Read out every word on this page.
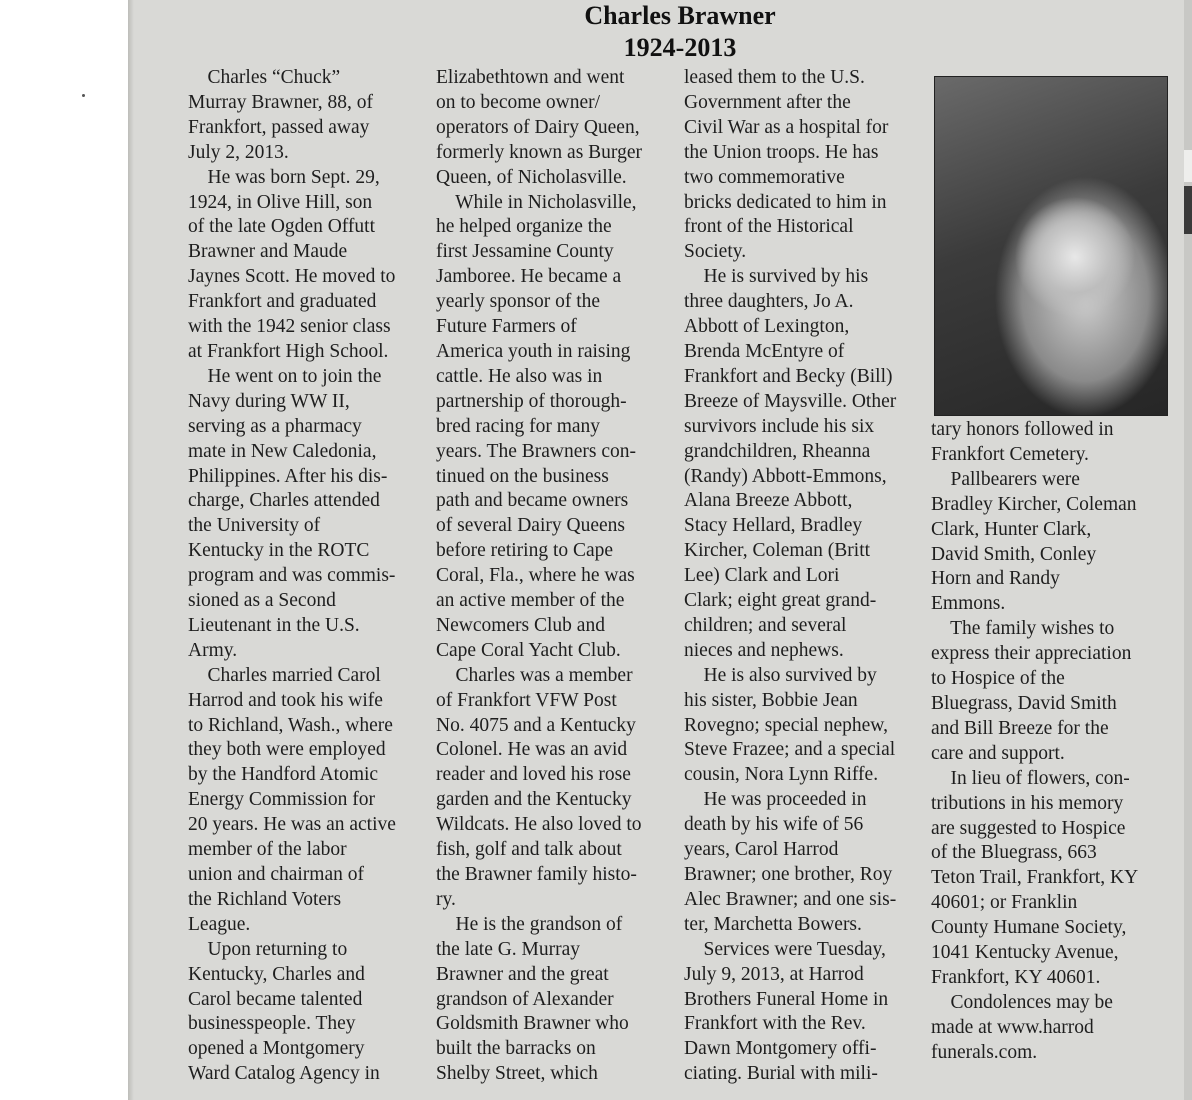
Charles Brawner
1924-2013

Charles “Chuck”

Murray Brawner, 88, of

Frankfort, passed away

July 2, 2013.

He was born Sept. 29,

1924, in Olive Hill, son

of the late Ogden Offutt

Brawner and Maude

Jaynes Scott. He moved to

Frankfort and graduated

with the 1942 senior class

at Frankfort High School.

He went on to join the

Navy during WW II,

serving as a pharmacy

mate in New Caledonia,

Philippines. After his dis-

charge, Charles attended

the University of

Kentucky in the ROTC

program and was commis-

sioned as a Second

Lieutenant in the U.S.

Army.

Charles married Carol

Harrod and took his wife

to Richland, Wash., where

they both were employed

by the Handford Atomic

Energy Commission for

20 years. He was an active

member of the labor

union and chairman of

the Richland Voters

League.

Upon returning to

Kentucky, Charles and

Carol became talented

businesspeople. They

opened a Montgomery

Ward Catalog Agency in

Elizabethtown and went

on to become owner/

operators of Dairy Queen,

formerly known as Burger

Queen, of Nicholasville.

While in Nicholasville,

he helped organize the

first Jessamine County

Jamboree. He became a

yearly sponsor of the

Future Farmers of

America youth in raising

cattle. He also was in

partnership of thorough-

bred racing for many

years. The Brawners con-

tinued on the business

path and became owners

of several Dairy Queens

before retiring to Cape

Coral, Fla., where he was

an active member of the

Newcomers Club and

Cape Coral Yacht Club.

Charles was a member

of Frankfort VFW Post

No. 4075 and a Kentucky

Colonel. He was an avid

reader and loved his rose

garden and the Kentucky

Wildcats. He also loved to

fish, golf and talk about

the Brawner family histo-

ry.

He is the grandson of

the late G. Murray

Brawner and the great

grandson of Alexander

Goldsmith Brawner who

built the barracks on

Shelby Street, which

leased them to the U.S.

Government after the

Civil War as a hospital for

the Union troops. He has

two commemorative

bricks dedicated to him in

front of the Historical

Society.

He is survived by his

three daughters, Jo A.

Abbott of Lexington,

Brenda McEntyre of

Frankfort and Becky (Bill)

Breeze of Maysville. Other

survivors include his six

grandchildren, Rheanna

(Randy) Abbott-Emmons,

Alana Breeze Abbott,

Stacy Hellard, Bradley

Kircher, Coleman (Britt

Lee) Clark and Lori

Clark; eight great grand-

children; and several

nieces and nephews.

He is also survived by

his sister, Bobbie Jean

Rovegno; special nephew,

Steve Frazee; and a special

cousin, Nora Lynn Riffe.

He was proceeded in

death by his wife of 56

years, Carol Harrod

Brawner; one brother, Roy

Alec Brawner; and one sis-

ter, Marchetta Bowers.

Services were Tuesday,

July 9, 2013, at Harrod

Brothers Funeral Home in

Frankfort with the Rev.

Dawn Montgomery offi-

ciating. Burial with mili-

tary honors followed in

Frankfort Cemetery.

Pallbearers were

Bradley Kircher, Coleman

Clark, Hunter Clark,

David Smith, Conley

Horn and Randy

Emmons.

The family wishes to

express their appreciation

to Hospice of the

Bluegrass, David Smith

and Bill Breeze for the

care and support.

In lieu of flowers, con-

tributions in his memory

are suggested to Hospice

of the Bluegrass, 663

Teton Trail, Frankfort, KY

40601; or Franklin

County Humane Society,

1041 Kentucky Avenue,

Frankfort, KY 40601.

Condolences may be

made at www.harrod

funerals.com.
